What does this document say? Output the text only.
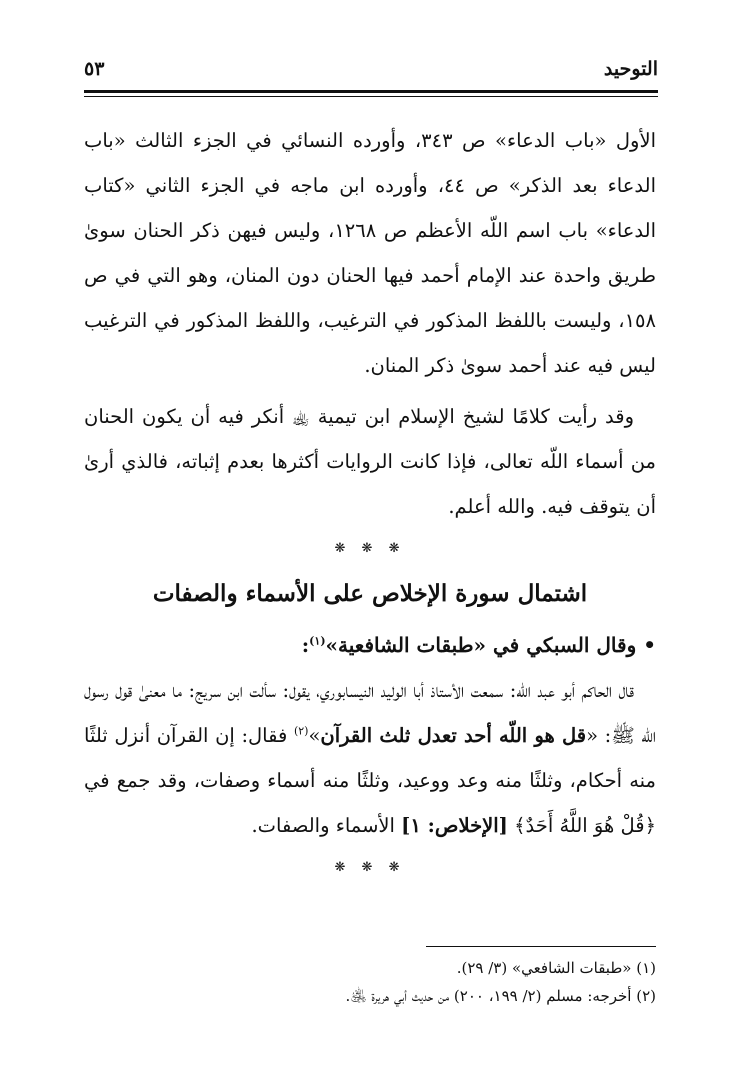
٥٣	التوحيد

الأول «باب الدعاء» ص ٣٤٣، وأورده النسائي في الجزء الثالث «باب الدعاء بعد الذكر» ص ٤٤، وأورده ابن ماجه في الجزء الثاني «كتاب الدعاء» باب اسم اللّه الأعظم ص ١٢٦٨، وليس فيهن ذكر الحنان سوىٰ طريق واحدة عند الإمام أحمد فيها الحنان دون المنان، وهو التي في ص ١٥٨، وليست باللفظ المذكور في الترغيب، واللفظ المذكور في الترغيب ليس فيه عند أحمد سوىٰ ذكر المنان.

وقد رأيت كلامًا لشيخ الإسلام ابن تيمية ﵀ أنكر فيه أن يكون الحنان من أسماء اللّه تعالى، فإذا كانت الروايات أكثرها بعدم إثباته، فالذي أرىٰ أن يتوقف فيه. والله أعلم.

❋ ❋ ❋

اشتمال سورة الإخلاص على الأسماء والصفات

• وقال السبكي في «طبقات الشافعية»$^{(١)}$:

قال الحاكم أبو عبد اللّه: سمعت الأستاذ أبا الوليد النيسابوري، يقول: سألت ابن سريج: ما معنىٰ قول رسول اللّه ﷺ: «قل هو اللّه أحد تعدل ثلث القرآن»$^{(٢)}$ فقال: إن القرآن أنزل ثلثًا منه أحكام، وثلثًا منه وعد ووعيد، وثلثًا منه أسماء وصفات، وقد جمع في ﴿قُلْ هُوَ اللَّهُ أَحَدٌ﴾ [الإخلاص: ١] الأسماء والصفات.

❋ ❋ ❋

(١) «طبقات الشافعي» (٣/ ٢٩).

(٢) أخرجه: مسلم (٢/ ١٩٩، ٢٠٠) من حديث أبي هريرة ﵁.
